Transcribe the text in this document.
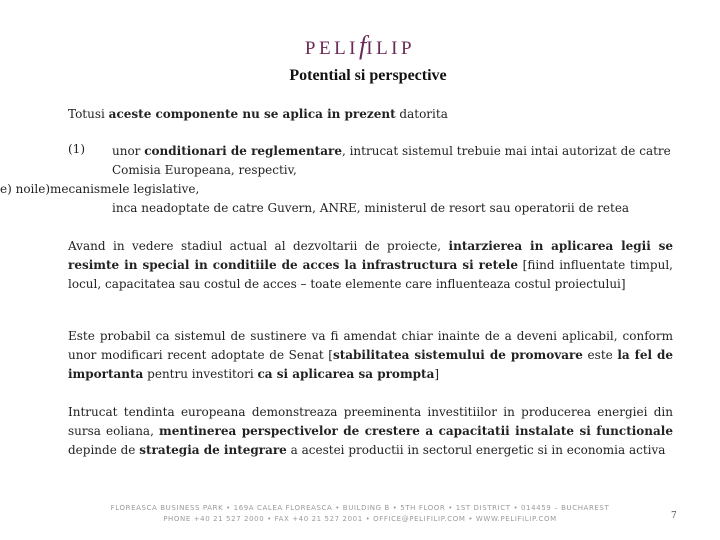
PELIfILIP
Potential si perspective
Totusi aceste componente nu se aplica in prezent datorita
(1) unor conditionari de reglementare, intrucat sistemul trebuie mai intai autorizat de catre Comisia Europeana, respectiv,
e) noile)mecanismele legislative,
inca neadoptate de catre Guvern, ANRE, ministerul de resort sau operatorii de retea
Avand in vedere stadiul actual al dezvoltarii de proiecte, intarzierea in aplicarea legii se resimte in special in conditiile de acces la infrastructura si retele [fiind influentate timpul, locul, capacitatea sau costul de acces – toate elemente care influenteaza costul proiectului]
Este probabil ca sistemul de sustinere va fi amendat chiar inainte de a deveni aplicabil, conform unor modificari recent adoptate de Senat [stabilitatea sistemului de promovare este la fel de importanta pentru investitori ca si aplicarea sa prompta]
Intrucat tendinta europeana demonstreaza preeminenta investitiilor in producerea energiei din sursa eoliana, mentinerea perspectivelor de crestere a capacitatii instalate si functionale depinde de strategia de integrare a acestei productii in sectorul energetic si in economia activa
FLOREASCA BUSINESS PARK • 169A CALEA FLOREASCA • BUILDING B • 5TH FLOOR • 1ST DISTRICT • 014459 – BUCHAREST
PHONE +40 21 527 2000 • FAX +40 21 527 2001 • OFFICE@PELIFILIP.COM • WWW.PELIFILIP.COM	7
